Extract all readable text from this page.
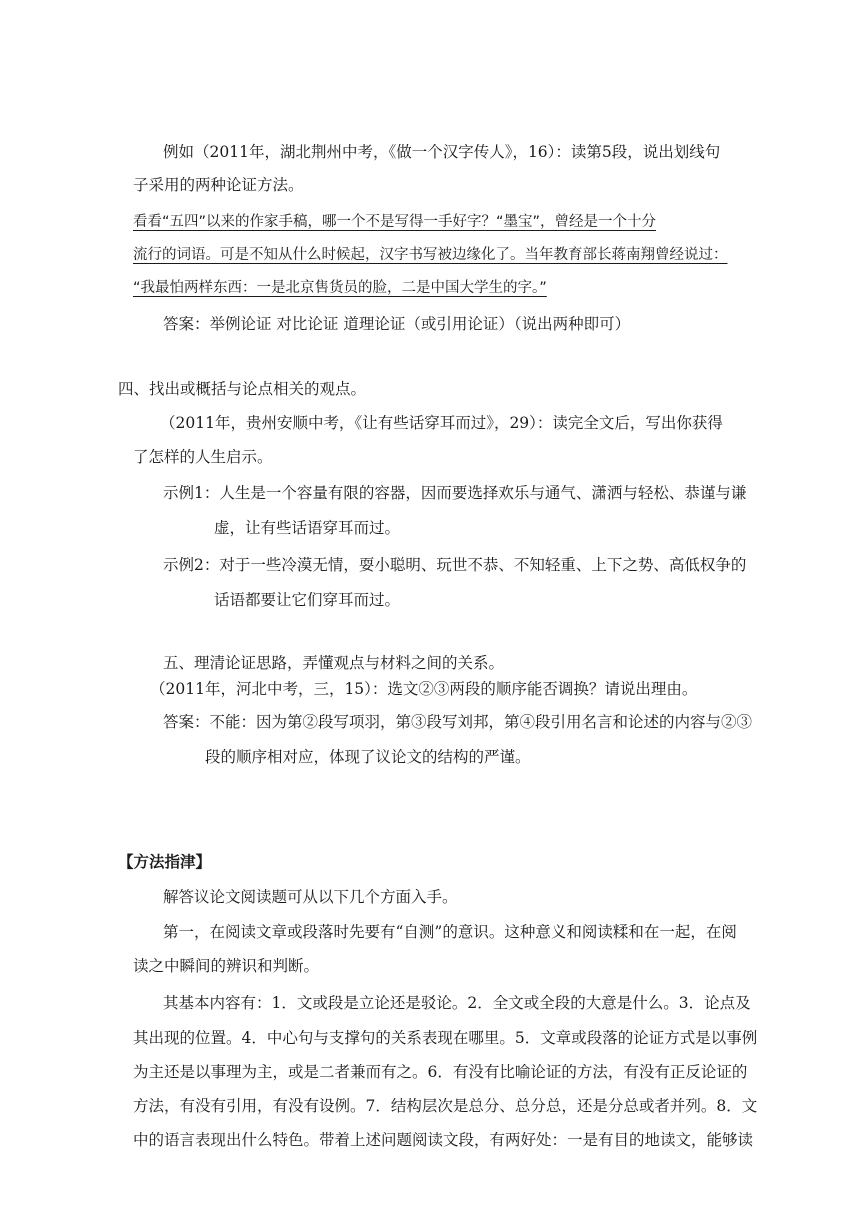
例如（2011年，湖北荆州中考，《做一个汉字传人》，16）：读第5段，说出划线句
子采用的两种论证方法。
看看“五四”以来的作家手稿，哪一个不是写得一手好字？“墨宝”，曾经是一个十分
流行的词语。可是不知从什么时候起，汉字书写被边缘化了。当年教育部长蒋南翔曾经说过：
“我最怕两样东西：一是北京售货员的脸，二是中国大学生的字。”
答案：举例论证 对比论证 道理论证（或引用论证）（说出两种即可）
四、找出或概括与论点相关的观点。
（2011年，贵州安顺中考，《让有些话穿耳而过》，29）：读完全文后，写出你获得
了怎样的人生启示。
示例1：人生是一个容量有限的容器，因而要选择欢乐与通气、潇洒与轻松、恭谨与谦
虚，让有些话语穿耳而过。
示例2：对于一些冷漠无情，耍小聪明、玩世不恭、不知轻重、上下之势、高低权争的
话语都要让它们穿耳而过。
五、理清论证思路，弄懂观点与材料之间的关系。
（2011年，河北中考，三，15）：选文②③两段的顺序能否调换？请说出理由。
答案：不能：因为第②段写项羽，第③段写刘邦，第④段引用名言和论述的内容与②③
段的顺序相对应，体现了议论文的结构的严谨。
【方法指津】
解答议论文阅读题可从以下几个方面入手。
第一，在阅读文章或段落时先要有“自测”的意识。这种意义和阅读糅和在一起，在阅
读之中瞬间的辨识和判断。
其基本内容有：1．文或段是立论还是驳论。2．全文或全段的大意是什么。3．论点及
其出现的位置。4．中心句与支撑句的关系表现在哪里。5．文章或段落的论证方式是以事例
为主还是以事理为主，或是二者兼而有之。6．有没有比喻论证的方法，有没有正反论证的
方法，有没有引用，有没有设例。7．结构层次是总分、总分总，还是分总或者并列。8．文
中的语言表现出什么特色。带着上述问题阅读文段，有两好处：一是有目的地读文，能够读
